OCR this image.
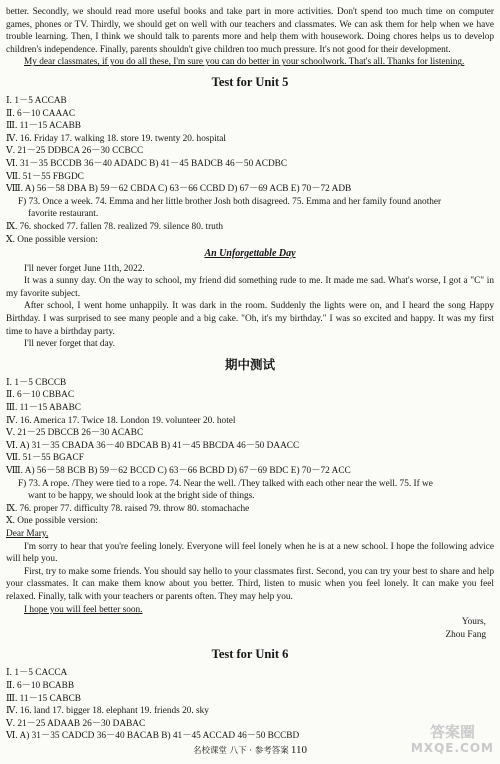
better. Secondly, we should read more useful books and take part in more activities. Don't spend too much time on computer games, phones or TV. Thirdly, we should get on well with our teachers and classmates. We can ask them for help when we have trouble learning. Then, I think we should talk to parents more and help them with housework. Doing chores helps us to develop children's independence. Finally, parents shouldn't give children too much pressure. It's not good for their development.

My dear classmates, if you do all these, I'm sure you can do better in your schoolwork. That's all. Thanks for listening.

Test for Unit 5

Ⅰ. 1－5 ACCAB

Ⅱ. 6－10 CAAAC

Ⅲ. 11－15 ACABB

Ⅳ. 16. Friday 17. walking 18. store 19. twenty 20. hospital

Ⅴ. 21－25 DDBCA 26－30 CCBCC

Ⅵ. 31－35 BCCDB 36－40 ADADC B) 41－45 BADCB 46－50 ACDBC

Ⅶ. 51－55 FBGDC

Ⅷ. A) 56－58 DBA B) 59－62 CBDA C) 63－66 CCBD D) 67－69 ACB E) 70－72 ADB

F) 73. Once a week. 74. Emma and her little brother Josh both disagreed. 75. Emma and her family found another

favorite restaurant.

Ⅸ. 76. shocked 77. fallen 78. realized 79. silence 80. truth

Ⅹ. One possible version:

An Unforgettable Day

I'll never forget June 11th, 2022.

It was a sunny day. On the way to school, my friend did something rude to me. It made me sad. What's worse, I got a "C" in my favorite subject.

After school, I went home unhappily. It was dark in the room. Suddenly the lights were on, and I heard the song Happy Birthday. I was surprised to see many people and a big cake. "Oh, it's my birthday." I was so excited and happy. It was my first time to have a birthday party.

I'll never forget that day.

期中测试

Ⅰ. 1－5 CBCCB

Ⅱ. 6－10 CBBAC

Ⅲ. 11－15 ABABC

Ⅳ. 16. America 17. Twice 18. London 19. volunteer 20. hotel

Ⅴ. 21－25 DBCCB 26－30 ACABC

Ⅵ. A) 31－35 CBADA 36－40 BDCAB B) 41－45 BBCDA 46－50 DAACC

Ⅶ. 51－55 BGACF

Ⅷ. A) 56－58 BCB B) 59－62 BCCD C) 63－66 BCBD D) 67－69 BDC E) 70－72 ACC

F) 73. A rope. /They were tied to a rope. 74. Near the well. /They talked with each other near the well. 75. If we

want to be happy, we should look at the bright side of things.

Ⅸ. 76. proper 77. difficulty 78. raised 79. throw 80. stomachache

Ⅹ. One possible version:

Dear Mary,

I'm sorry to hear that you're feeling lonely. Everyone will feel lonely when he is at a new school. I hope the following advice will help you.

First, try to make some friends. You should say hello to your classmates first. Second, you can try your best to share and help your classmates. It can make them know about you better. Third, listen to music when you feel lonely. It can make you feel relaxed. Finally, talk with your teachers or parents often. They may help you.

I hope you will feel better soon.

Yours,

Zhou Fang

Test for Unit 6

Ⅰ. 1－5 CACCA

Ⅱ. 6－10 BCABB

Ⅲ. 11－15 CABCB

Ⅳ. 16. land 17. bigger 18. elephant 19. friends 20. sky

Ⅴ. 21－25 ADAAB 26－30 DABAC

Ⅵ. A) 31－35 CADCD 36－40 BACAB B) 41－45 ACCAD 46－50 BCCBD

名校课堂 八下 · 参考答案 110
答案圈
MXQE.COM
